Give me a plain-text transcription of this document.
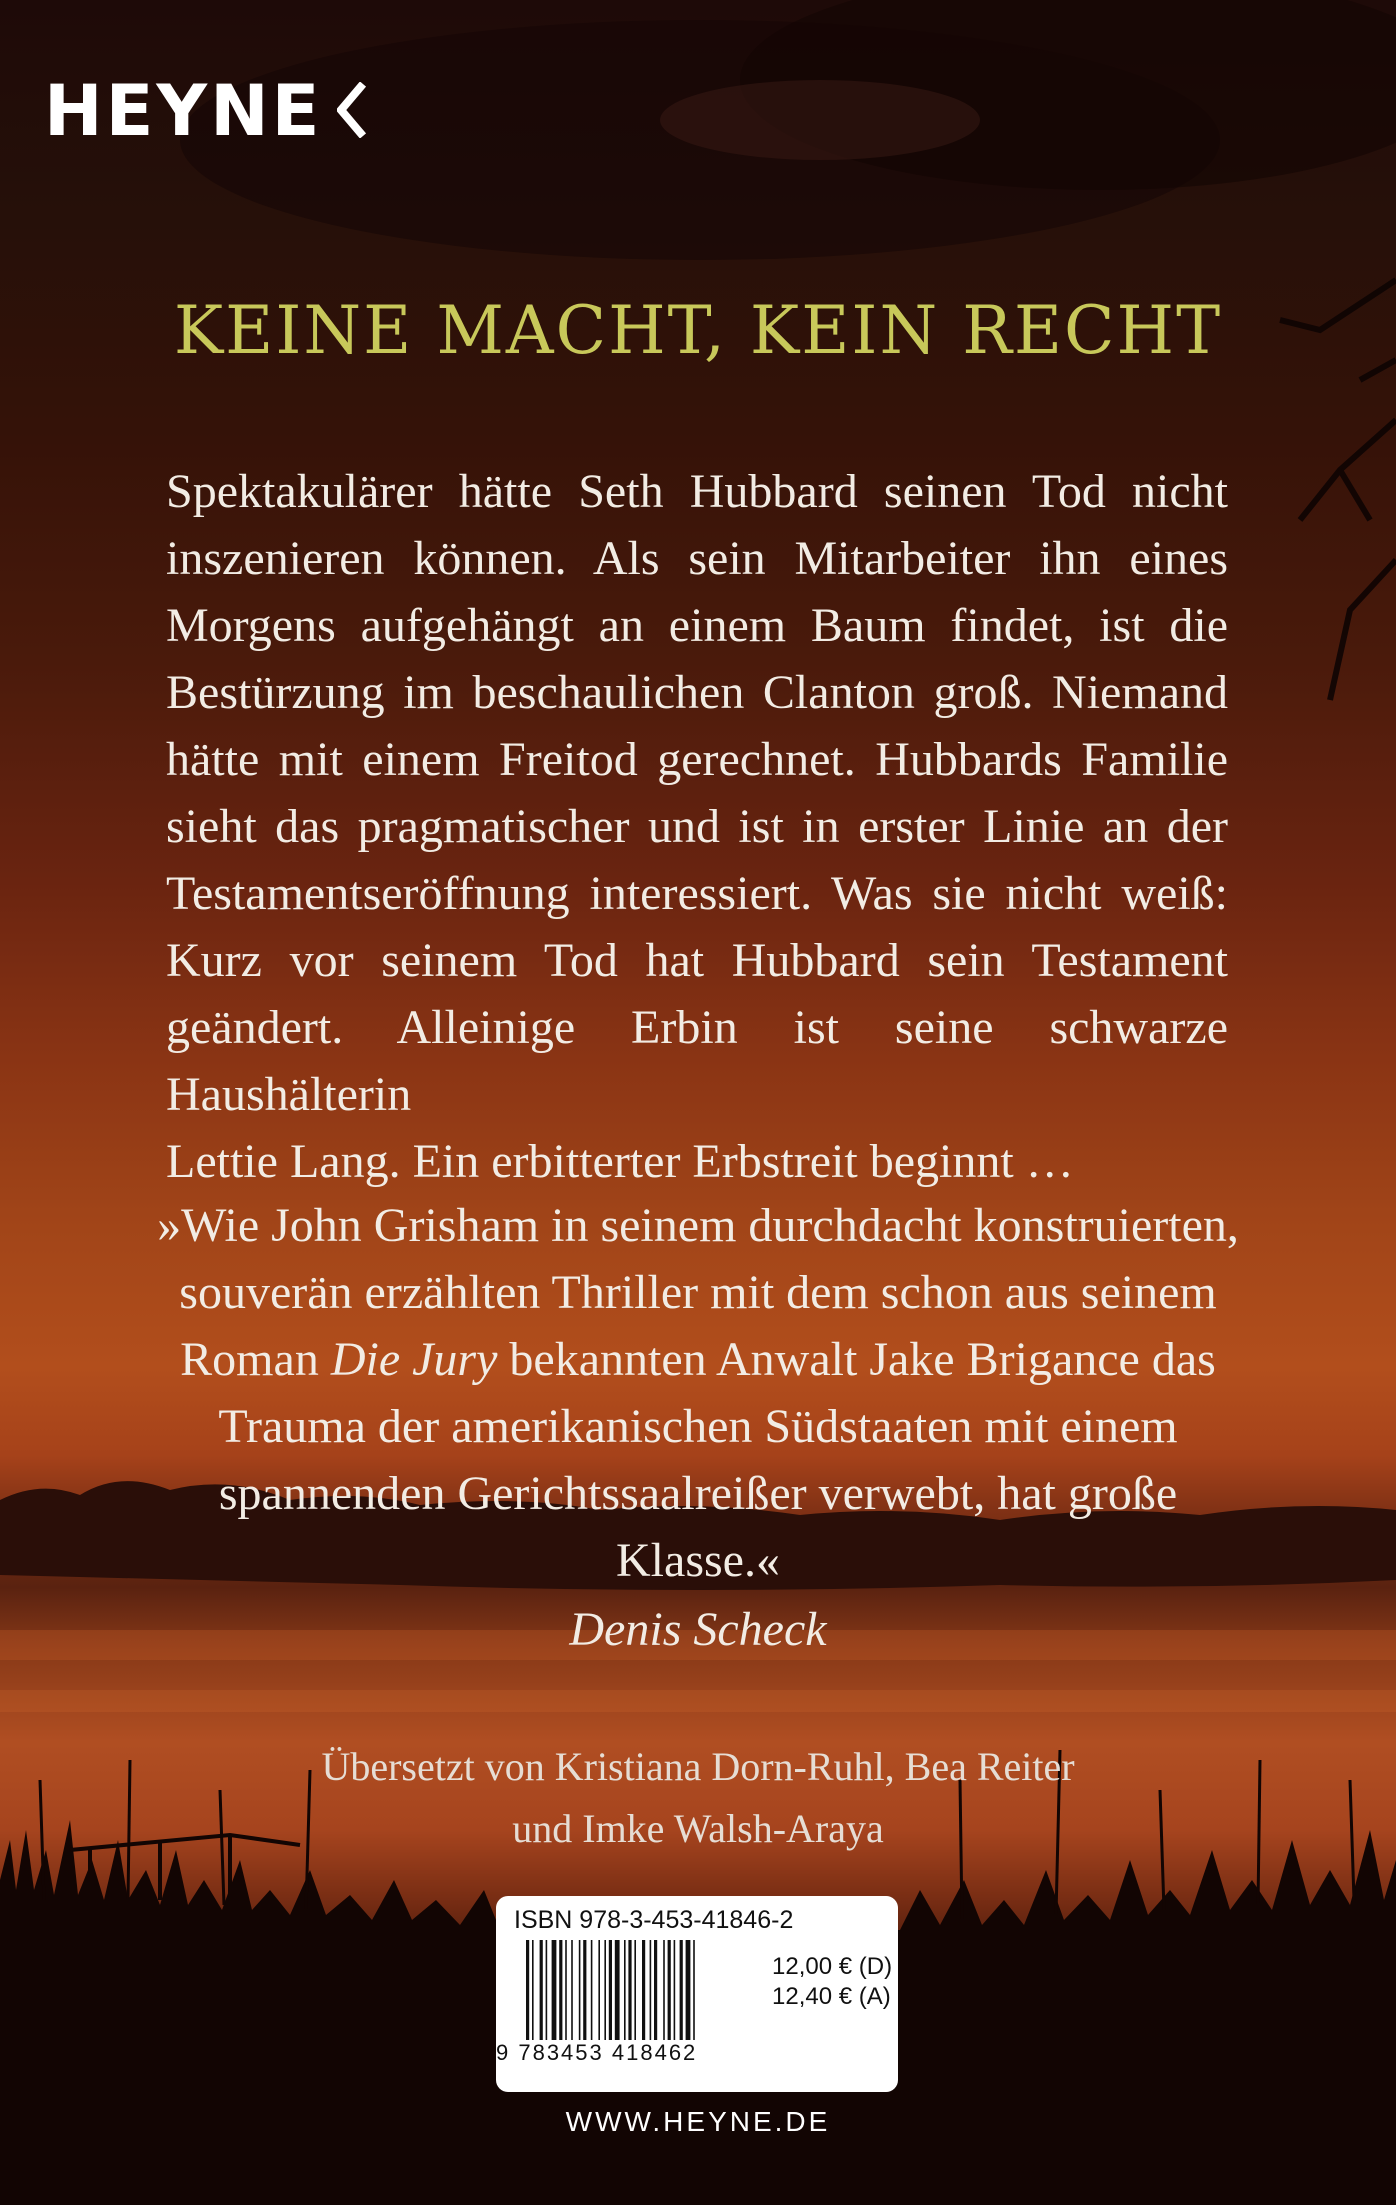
HEYNE
KEINE MACHT, KEIN RECHT
Spektakulärer hätte Seth Hubbard seinen Tod nicht inszenieren können. Als sein Mitarbeiter ihn eines Morgens aufgehängt an einem Baum findet, ist die Bestürzung im beschaulichen Clanton groß. Niemand hätte mit einem Freitod gerechnet. Hubbards Familie sieht das pragmatischer und ist in erster Linie an der Testamentseröffnung interessiert. Was sie nicht weiß: Kurz vor seinem Tod hat Hubbard sein Testament geändert. Alleinige Erbin ist seine schwarze Haushälterin
Lettie Lang. Ein erbitterter Erbstreit beginnt …
»Wie John Grisham in seinem durchdacht konstruierten, souverän erzählten Thriller mit dem schon aus seinem Roman Die Jury bekannten Anwalt Jake Brigance das Trauma der amerikanischen Südstaaten mit einem spannenden Gerichtssaalreißer verwebt, hat große Klasse.«
Denis Scheck
Übersetzt von Kristiana Dorn-Ruhl, Bea Reiter
und Imke Walsh-Araya
ISBN 978-3-453-41846-2
9 783453 418462
12,00 € (D)
12,40 € (A)
WWW.HEYNE.DE
